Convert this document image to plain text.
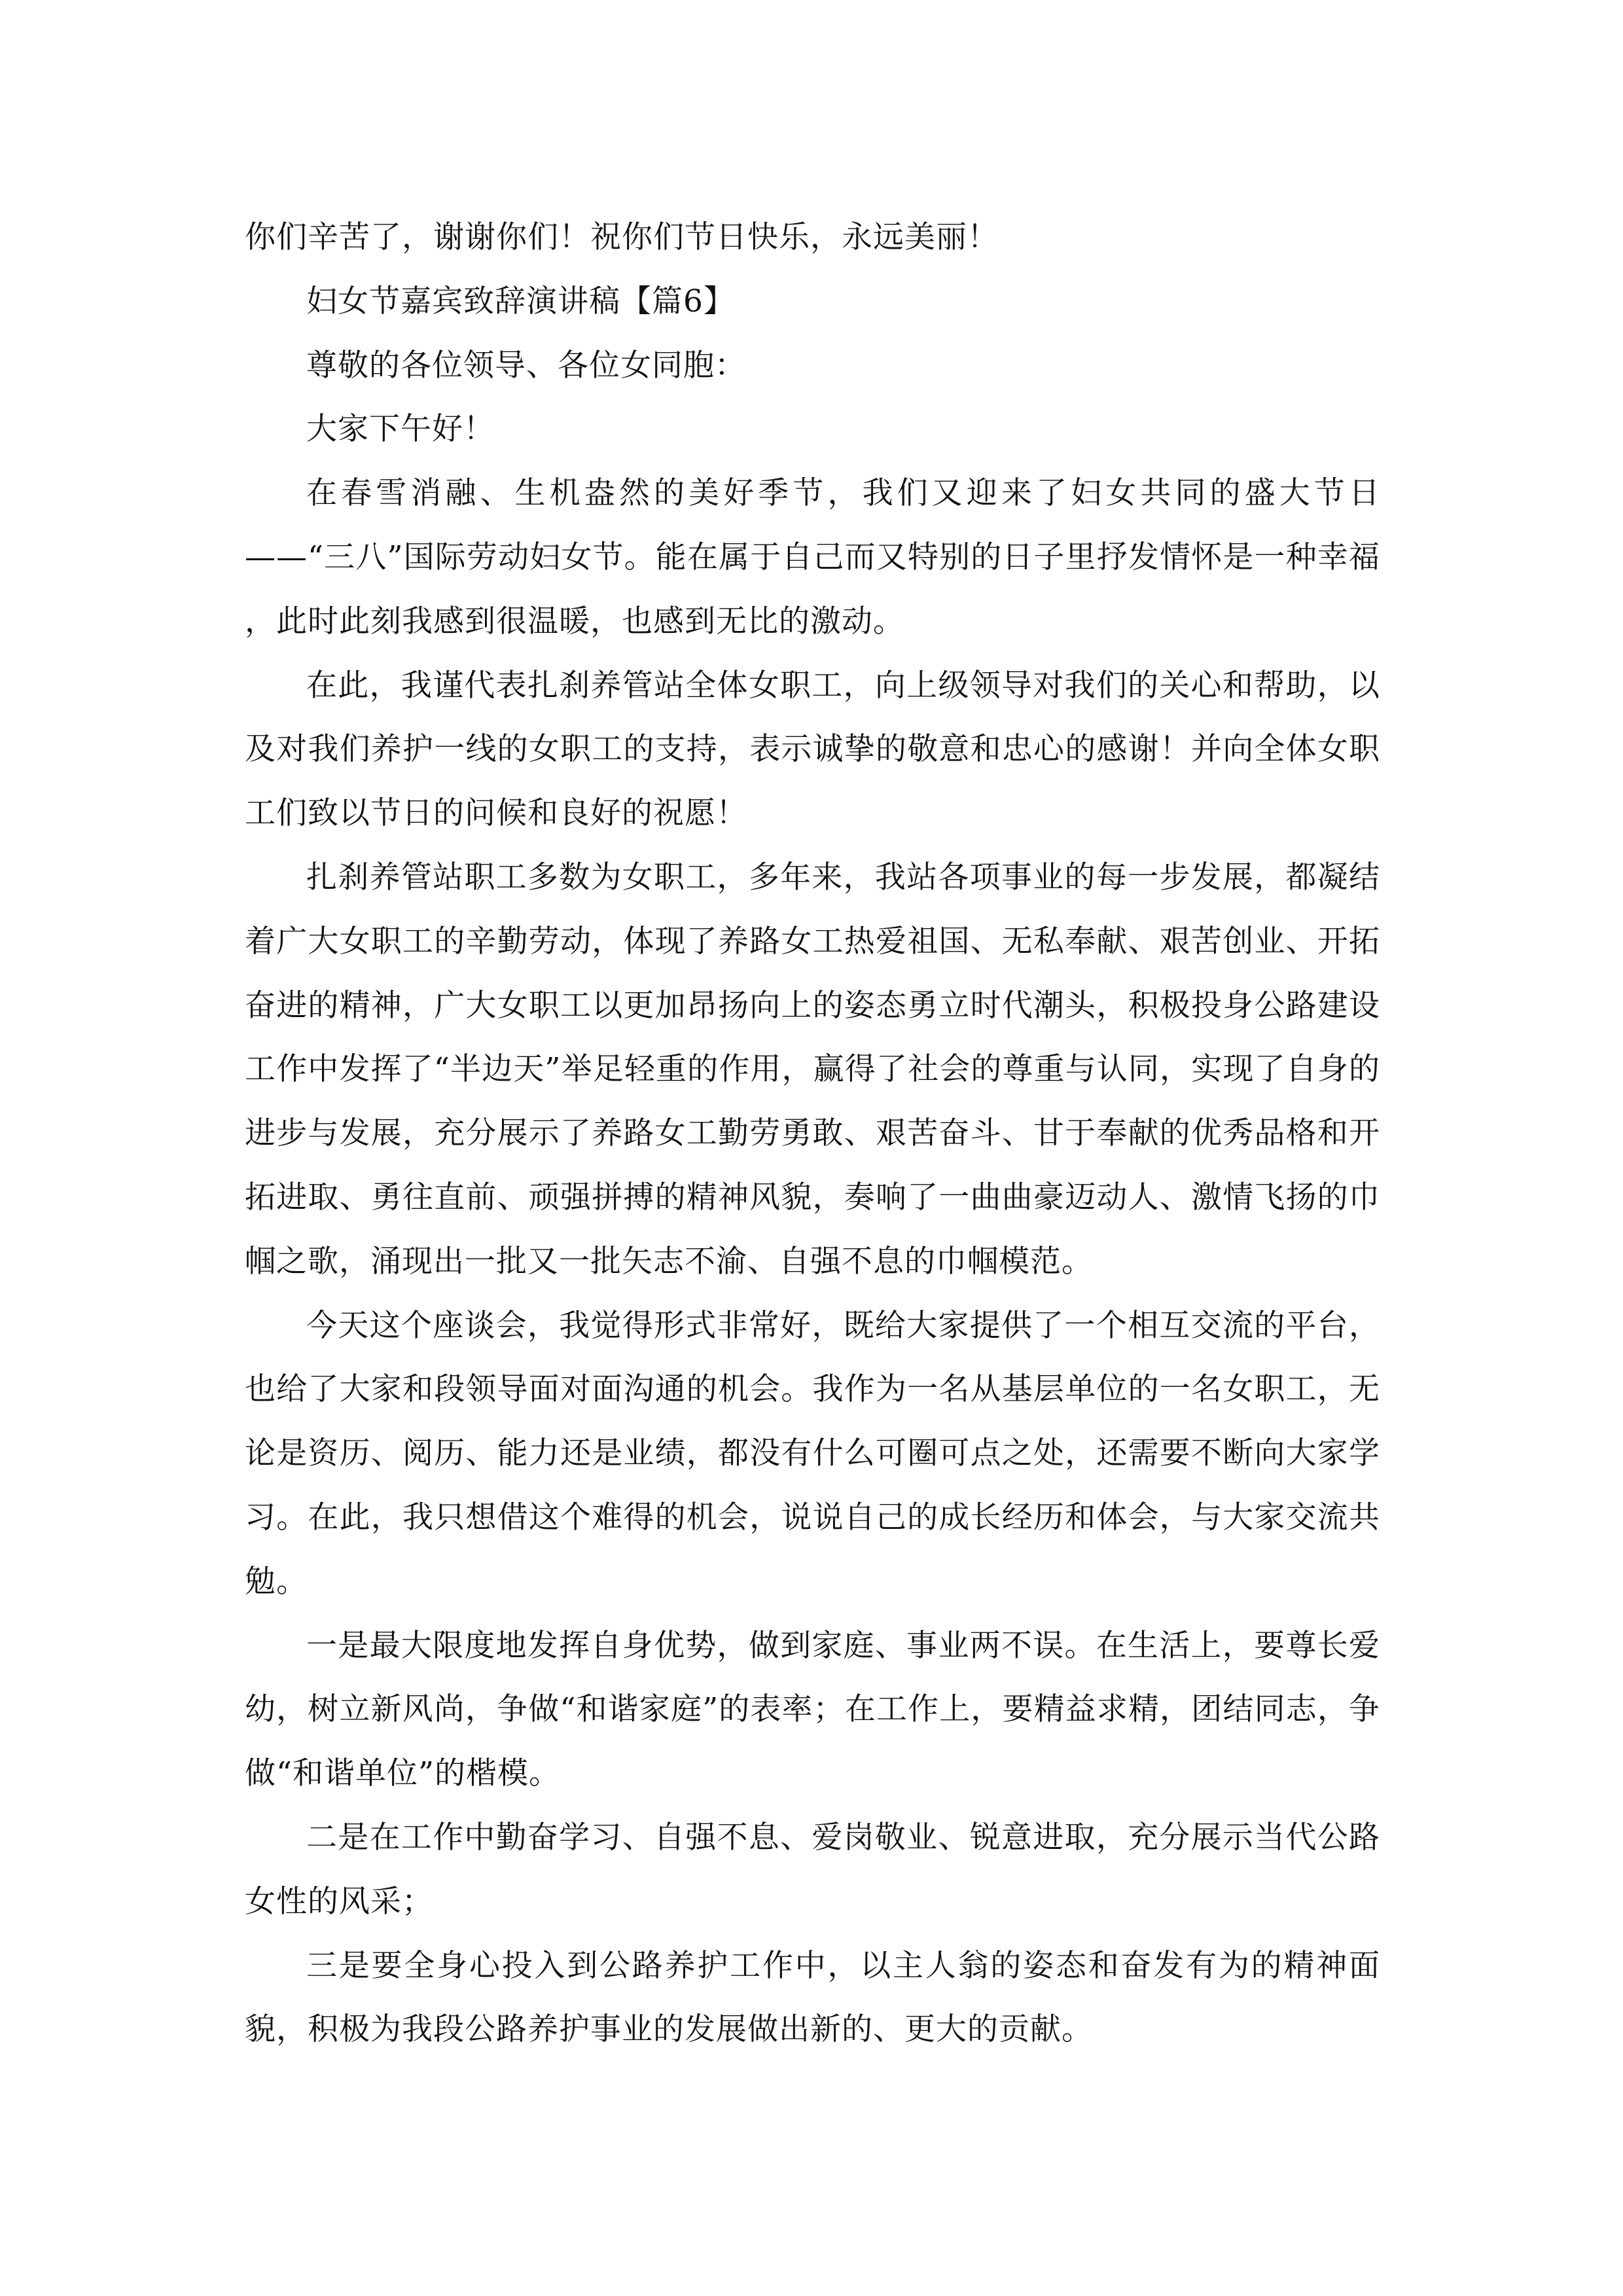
你们辛苦了，谢谢你们！祝你们节日快乐，永远美丽！

妇女节嘉宾致辞演讲稿【篇6】

尊敬的各位领导、各位女同胞：

大家下午好！

在春雪消融、生机盎然的美好季节，我们又迎来了妇女共同的盛大节日——“三八”国际劳动妇女节。能在属于自己而又特别的日子里抒发情怀是一种幸福 ，此时此刻我感到很温暖，也感到无比的激动。

在此，我谨代表扎刹养管站全体女职工，向上级领导对我们的关心和帮助，以及对我们养护一线的女职工的支持，表示诚挚的敬意和忠心的感谢！并向全体女职工们致以节日的问候和良好的祝愿！

扎刹养管站职工多数为女职工，多年来，我站各项事业的每一步发展，都凝结着广大女职工的辛勤劳动，体现了养路女工热爱祖国、无私奉献、艰苦创业、开拓奋进的精神，广大女职工以更加昂扬向上的姿态勇立时代潮头，积极投身公路建设工作中发挥了“半边天”举足轻重的作用，赢得了社会的尊重与认同，实现了自身的进步与发展，充分展示了养路女工勤劳勇敢、艰苦奋斗、甘于奉献的优秀品格和开拓进取、勇往直前、顽强拼搏的精神风貌，奏响了一曲曲豪迈动人、激情飞扬的巾帼之歌，涌现出一批又一批矢志不渝、自强不息的巾帼模范。

今天这个座谈会，我觉得形式非常好，既给大家提供了一个相互交流的平台，也给了大家和段领导面对面沟通的机会。我作为一名从基层单位的一名女职工，无论是资历、阅历、能力还是业绩，都没有什么可圈可点之处，还需要不断向大家学习。在此，我只想借这个难得的机会，说说自己的成长经历和体会，与大家交流共勉。

一是最大限度地发挥自身优势，做到家庭、事业两不误。在生活上，要尊长爱幼，树立新风尚，争做“和谐家庭”的表率；在工作上，要精益求精，团结同志，争做“和谐单位”的楷模。

二是在工作中勤奋学习、自强不息、爱岗敬业、锐意进取，充分展示当代公路女性的风采；

三是要全身心投入到公路养护工作中，以主人翁的姿态和奋发有为的精神面貌，积极为我段公路养护事业的发展做出新的、更大的贡献。
